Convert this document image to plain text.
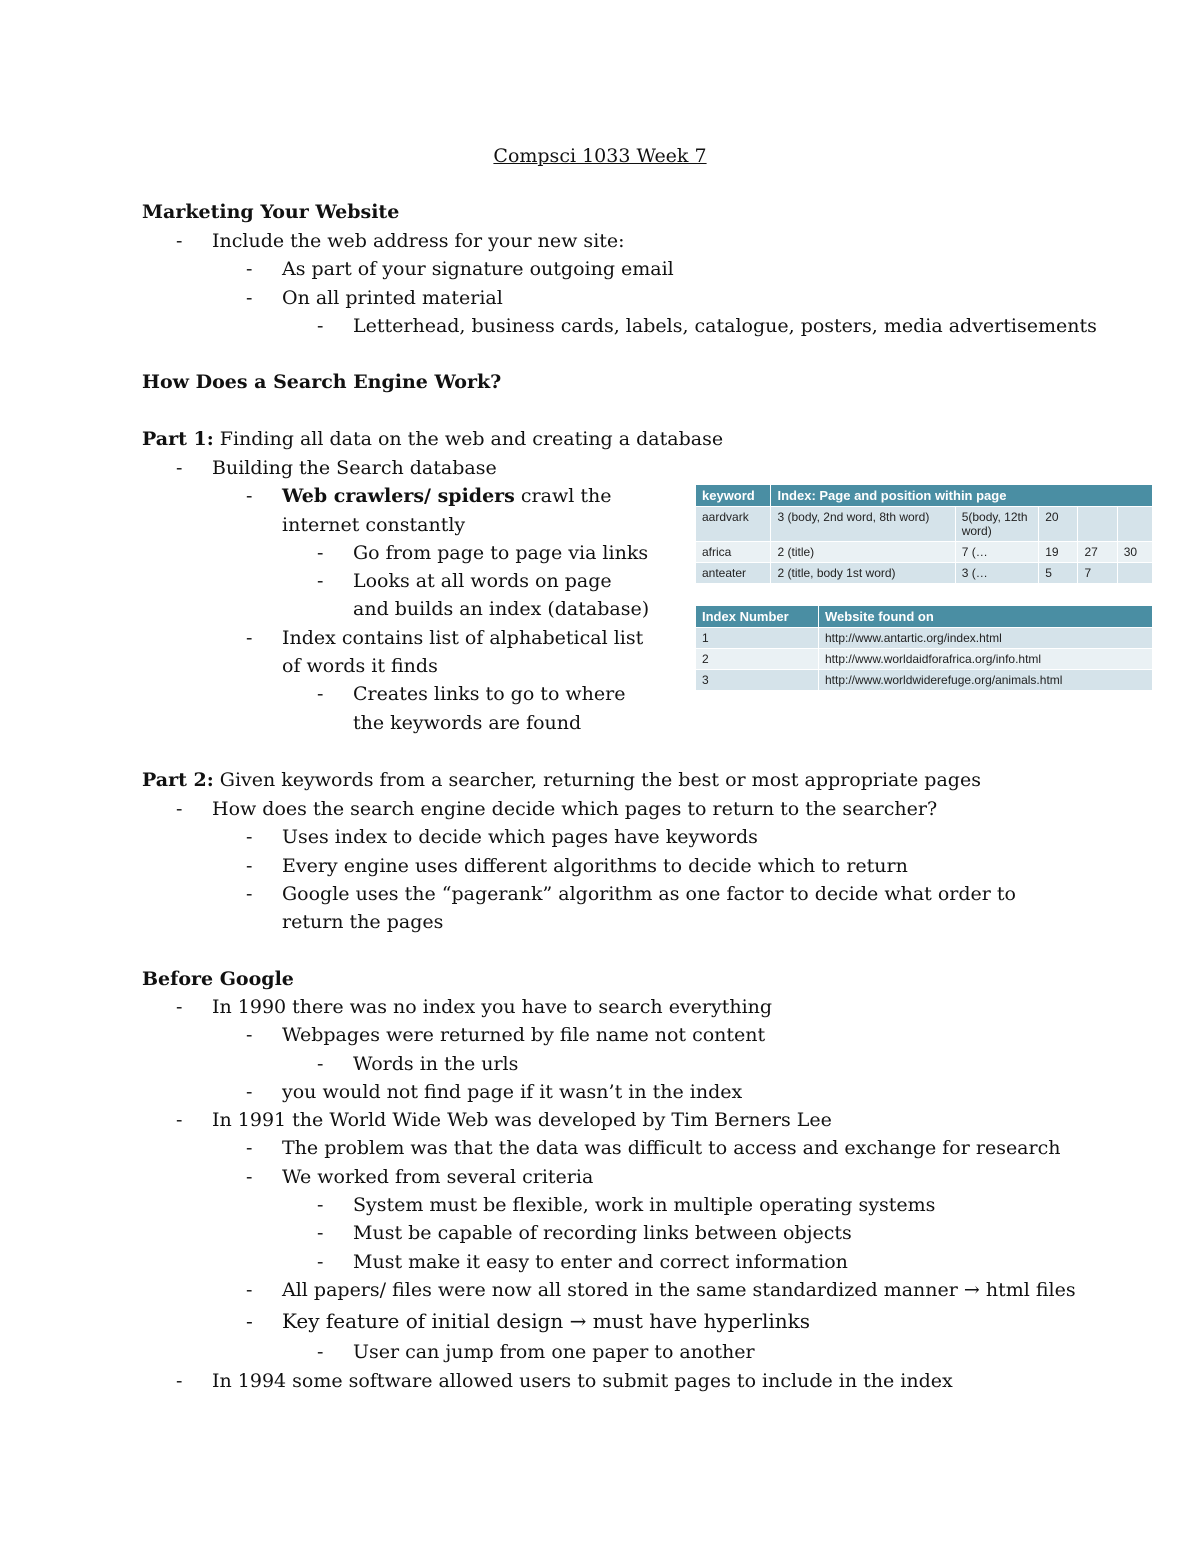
Compsci 1033 Week 7
Marketing Your Website
- Include the web address for your new site:
- As part of your signature outgoing email
- On all printed material
- Letterhead, business cards, labels, catalogue, posters, media advertisements
How Does a Search Engine Work?
Part 1: Finding all data on the web and creating a database
- Building the Search database
- Web crawlers/ spiders crawl the internet constantly
- Go from page to page via links
- Looks at all words on page and builds an index (database)
- Index contains list of alphabetical list of words it finds
- Creates links to go to where the keywords are found
keyword	Index: Page and position within page				
aardvark	3 (body, 2nd word, 8th word)	5(body, 12th word)	20		
africa	2 (title)	7 (…	19	27	30
anteater	2 (title, body 1st word)	3 (…	5	7	
Index Number	Website found on
1	http://www.antartic.org/index.html
2	http://www.worldaidforafrica.org/info.html
3	http://www.worldwiderefuge.org/animals.html
Part 2: Given keywords from a searcher, returning the best or most appropriate pages
- How does the search engine decide which pages to return to the searcher?
- Uses index to decide which pages have keywords
- Every engine uses different algorithms to decide which to return
- Google uses the “pagerank” algorithm as one factor to decide what order to return the pages
Before Google
- In 1990 there was no index you have to search everything
- Webpages were returned by file name not content
- Words in the urls
- you would not find page if it wasn’t in the index
- In 1991 the World Wide Web was developed by Tim Berners Lee
- The problem was that the data was difficult to access and exchange for research
- We worked from several criteria
- System must be flexible, work in multiple operating systems
- Must be capable of recording links between objects
- Must make it easy to enter and correct information
- All papers/ files were now all stored in the same standardized manner → html files
- Key feature of initial design → must have hyperlinks
- User can jump from one paper to another
- In 1994 some software allowed users to submit pages to include in the index
